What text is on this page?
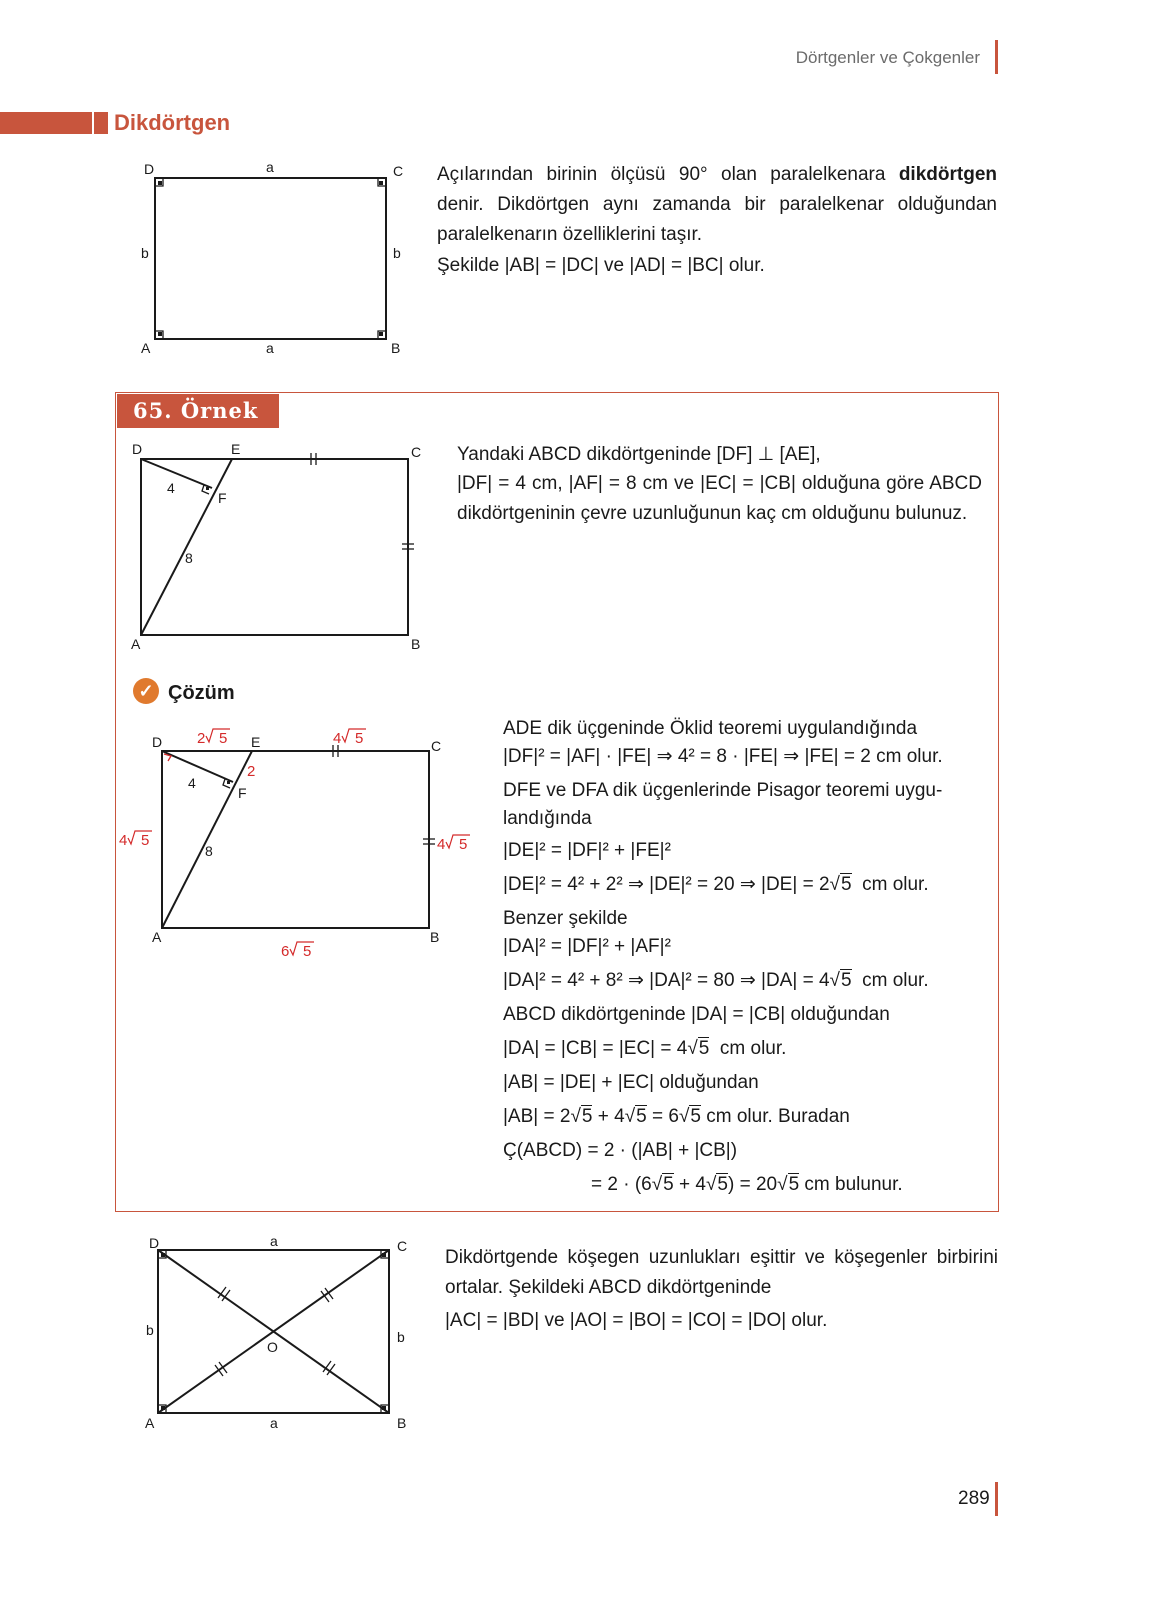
Dörtgenler ve Çokgenler
Dikdörtgen
D	C
A	B
a
a
b	b
Açılarından birinin ölçüsü 90° olan paralelkenara dikdörtgen denir. Dikdörtgen aynı zamanda bir paralelkenar olduğundan paralelkenarın özelliklerini taşır.
Şekilde |AB| = |DC| ve |AD| = |BC| olur.
65. Örnek
D	E	C
F
A	B
4
8
Yandaki ABCD dikdörtgeninde [DF] ⊥ [AE],
|DF| = 4 cm, |AF| = 8 cm ve |EC| = |CB| olduğuna göre ABCD dikdörtgeninin çevre uzunluğunun kaç cm olduğunu bulunuz.
✓ Çözüm
D	E	C
F
A	B
4
8
2
2 5	4 5
4 5	4 5
6 5
ADE dik üçgeninde Öklid teoremi uygulandığında
|DF|² = |AF| · |FE| ⇒ 4² = 8 · |FE| ⇒ |FE| = 2 cm olur.
DFE ve DFA dik üçgenlerinde Pisagor teoremi uygu-
landığında
|DE|² = |DF|² + |FE|²
|DE|² = 4² + 2² ⇒ |DE|² = 20 ⇒ |DE| = 2√5 cm olur.
Benzer şekilde
|DA|² = |DF|² + |AF|²
|DA|² = 4² + 8² ⇒ |DA|² = 80 ⇒ |DA| = 4√5 cm olur.
ABCD dikdörtgeninde |DA| = |CB| olduğundan
|DA| = |CB| = |EC| = 4√5 cm olur.
|AB| = |DE| + |EC| olduğundan
|AB| = 2√5 + 4√5 = 6√5 cm olur. Buradan
Ç(ABCD) = 2 · (|AB| + |CB|)
= 2 · (6√5 + 4√5) = 20√5 cm bulunur.
D	C
A	B
O
a
a
b	b
Dikdörtgende köşegen uzunlukları eşittir ve köşegenler birbirini ortalar. Şekildeki ABCD dikdörtgeninde
|AC| = |BD| ve |AO| = |BO| = |CO| = |DO| olur.
289
